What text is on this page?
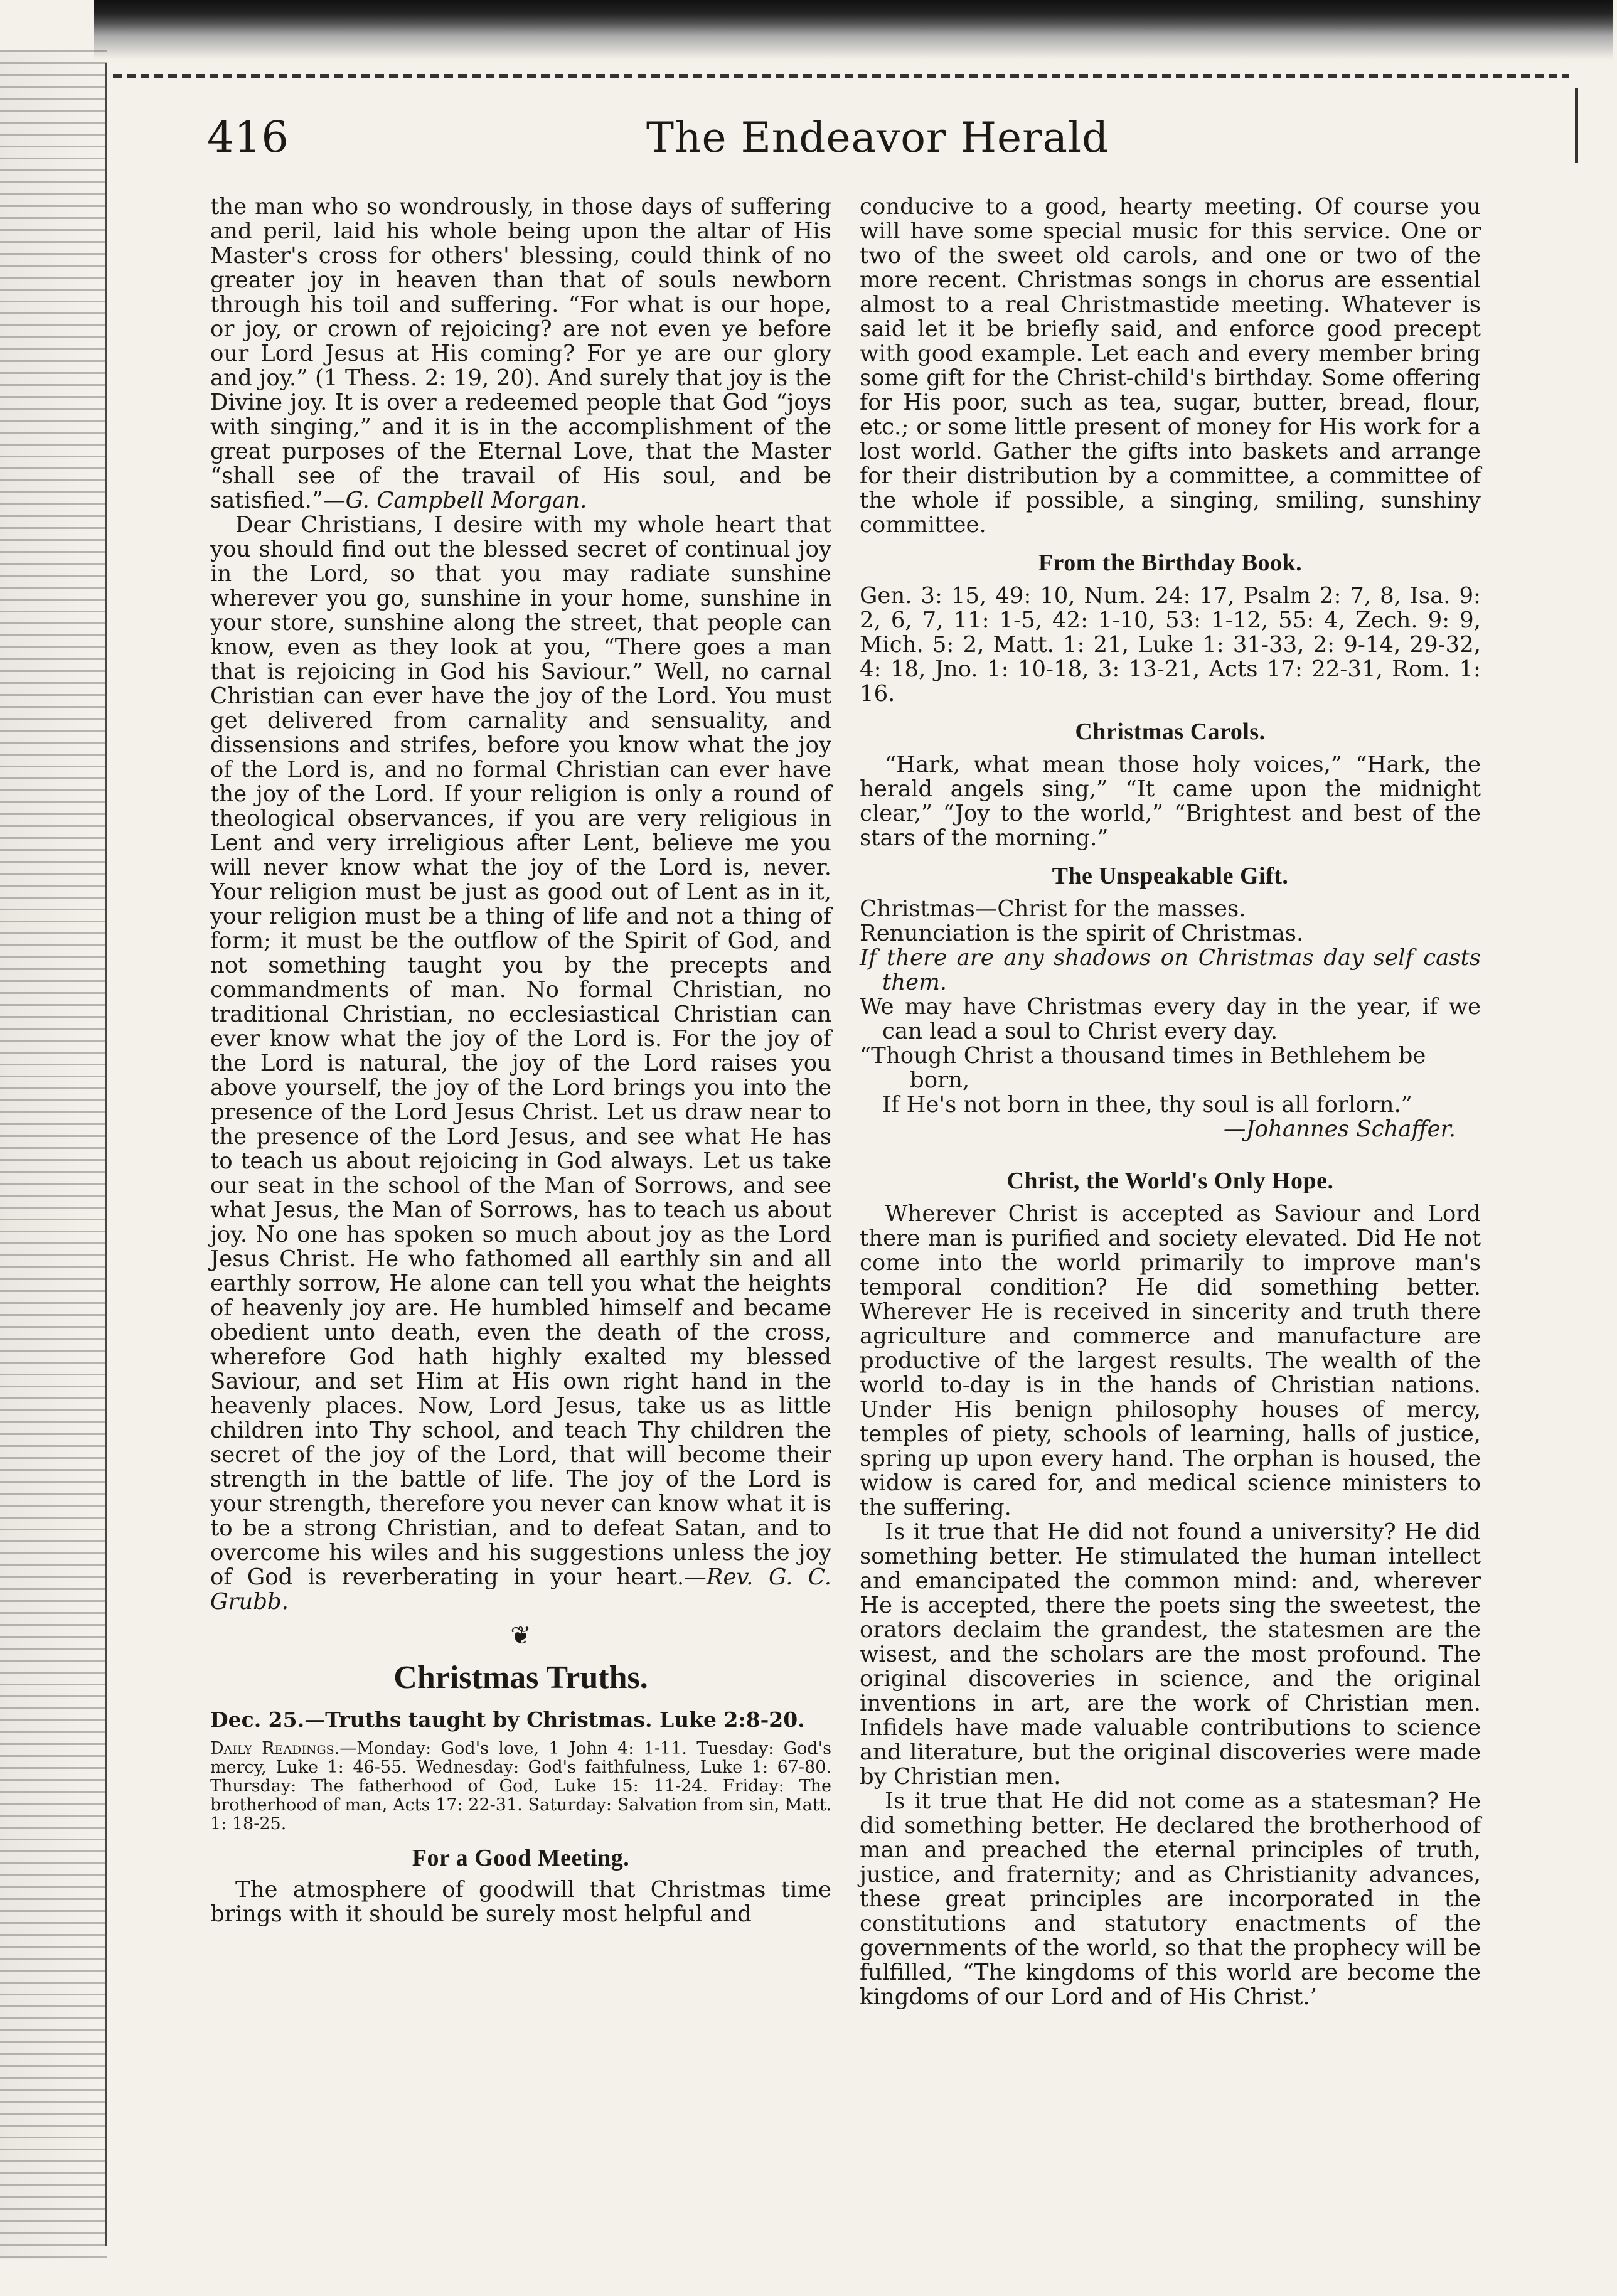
416	The Endeavor Herald

the man who so wondrously, in those days of suffering and peril, laid his whole being upon the altar of His Master's cross for others' blessing, could think of no greater joy in heaven than that of souls newborn through his toil and suffering. “For what is our hope, or joy, or crown of rejoicing? are not even ye before our Lord Jesus at His coming? For ye are our glory and joy.” (1 Thess. 2: 19, 20). And surely that joy is the Divine joy. It is over a redeemed people that God “joys with singing,” and it is in the accomplishment of the great purposes of the Eternal Love, that the Master “shall see of the travail of His soul, and be satisfied.”—G. Campbell Morgan.

Dear Christians, I desire with my whole heart that you should find out the blessed secret of continual joy in the Lord, so that you may radiate sunshine wherever you go, sunshine in your home, sunshine in your store, sunshine along the street, that people can know, even as they look at you, “There goes a man that is rejoicing in God his Saviour.” Well, no carnal Christian can ever have the joy of the Lord. You must get delivered from carnality and sensuality, and dissensions and strifes, before you know what the joy of the Lord is, and no formal Christian can ever have the joy of the Lord. If your religion is only a round of theological observances, if you are very religious in Lent and very irreligious after Lent, believe me you will never know what the joy of the Lord is, never. Your religion must be just as good out of Lent as in it, your religion must be a thing of life and not a thing of form; it must be the outflow of the Spirit of God, and not something taught you by the precepts and commandments of man. No formal Christian, no traditional Christian, no ecclesiastical Christian can ever know what the joy of the Lord is. For the joy of the Lord is natural, the joy of the Lord raises you above yourself, the joy of the Lord brings you into the presence of the Lord Jesus Christ. Let us draw near to the presence of the Lord Jesus, and see what He has to teach us about rejoicing in God always. Let us take our seat in the school of the Man of Sorrows, and see what Jesus, the Man of Sorrows, has to teach us about joy. No one has spoken so much about joy as the Lord Jesus Christ. He who fathomed all earthly sin and all earthly sorrow, He alone can tell you what the heights of heavenly joy are. He humbled himself and became obedient unto death, even the death of the cross, wherefore God hath highly exalted my blessed Saviour, and set Him at His own right hand in the heavenly places. Now, Lord Jesus, take us as little children into Thy school, and teach Thy children the secret of the joy of the Lord, that will become their strength in the battle of life. The joy of the Lord is your strength, therefore you never can know what it is to be a strong Christian, and to defeat Satan, and to overcome his wiles and his suggestions unless the joy of God is reverberating in your heart.—Rev. G. C. Grubb.

❦
Christmas Truths.

Dec. 25.—Truths taught by Christmas. Luke 2:8-20.

Daily Readings.—Monday: God's love, 1 John 4: 1-11. Tuesday: God's mercy, Luke 1: 46-55. Wednesday: God's faithfulness, Luke 1: 67-80. Thursday: The fatherhood of God, Luke 15: 11-24. Friday: The brotherhood of man, Acts 17: 22-31. Saturday: Salvation from sin, Matt. 1: 18-25.

For a Good Meeting.

The atmosphere of goodwill that Christmas time brings with it should be surely most helpful and

conducive to a good, hearty meeting. Of course you will have some special music for this service. One or two of the sweet old carols, and one or two of the more recent. Christmas songs in chorus are essential almost to a real Christmastide meeting. Whatever is said let it be briefly said, and enforce good precept with good example. Let each and every member bring some gift for the Christ-child's birthday. Some offering for His poor, such as tea, sugar, butter, bread, flour, etc.; or some little present of money for His work for a lost world. Gather the gifts into baskets and arrange for their distribution by a committee, a committee of the whole if possible, a singing, smiling, sunshiny committee.

From the Birthday Book.

Gen. 3: 15, 49: 10, Num. 24: 17, Psalm 2: 7, 8, Isa. 9: 2, 6, 7, 11: 1-5, 42: 1-10, 53: 1-12, 55: 4, Zech. 9: 9, Mich. 5: 2, Matt. 1: 21, Luke 1: 31-33, 2: 9-14, 29-32, 4: 18, Jno. 1: 10-18, 3: 13-21, Acts 17: 22-31, Rom. 1: 16.

Christmas Carols.

“Hark, what mean those holy voices,” “Hark, the herald angels sing,” “It came upon the midnight clear,” “Joy to the world,” “Brightest and best of the stars of the morning.”

The Unspeakable Gift.

Christmas—Christ for the masses.

Renunciation is the spirit of Christmas.

If there are any shadows on Christmas day self casts them.

We may have Christmas every day in the year, if we can lead a soul to Christ every day.

“Though Christ a thousand times in Bethlehem be

born,

If He's not born in thee, thy soul is all forlorn.”

—Johannes Schaffer.

Christ, the World's Only Hope.

Wherever Christ is accepted as Saviour and Lord there man is purified and society elevated. Did He not come into the world primarily to improve man's temporal condition? He did something better. Wherever He is received in sincerity and truth there agriculture and commerce and manufacture are productive of the largest results. The wealth of the world to-day is in the hands of Christian nations. Under His benign philosophy houses of mercy, temples of piety, schools of learning, halls of justice, spring up upon every hand. The orphan is housed, the widow is cared for, and medical science ministers to the suffering.

Is it true that He did not found a university? He did something better. He stimulated the human intellect and emancipated the common mind: and, wherever He is accepted, there the poets sing the sweetest, the orators declaim the grandest, the statesmen are the wisest, and the scholars are the most profound. The original discoveries in science, and the original inventions in art, are the work of Christian men. Infidels have made valuable contributions to science and literature, but the original discoveries were made by Christian men.

Is it true that He did not come as a statesman? He did something better. He declared the brotherhood of man and preached the eternal principles of truth, justice, and fraternity; and as Christianity advances, these great principles are incorporated in the constitutions and statutory enactments of the governments of the world, so that the prophecy will be fulfilled, “The kingdoms of this world are become the kingdoms of our Lord and of His Christ.’
